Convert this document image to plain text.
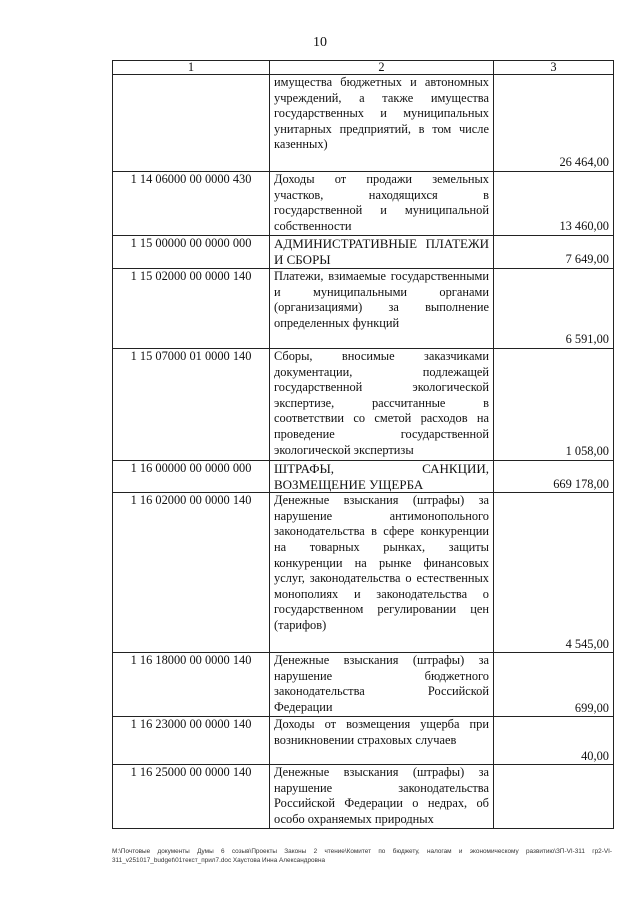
10
1	2	3
	имущества бюджетных и автономных учреждений, а также имущества государственных и муниципальных унитарных предприятий, в том числе казенных)	26 464,00
1 14 06000 00 0000 430	Доходы от продажи земельных участков, находящихся в государственной и муниципальной собственности	13 460,00
1 15 00000 00 0000 000	АДМИНИСТРАТИВНЫЕ ПЛАТЕЖИ И СБОРЫ	7 649,00
1 15 02000 00 0000 140	Платежи, взимаемые государственными и муниципальными органами (организациями) за выполнение определенных функций	6 591,00
1 15 07000 01 0000 140	Сборы, вносимые заказчиками документации, подлежащей государственной экологической экспертизе, рассчитанные в соответствии со сметой расходов на проведение государственной экологической экспертизы	1 058,00
1 16 00000 00 0000 000	ШТРАФЫ, САНКЦИИ, ВОЗМЕЩЕНИЕ УЩЕРБА	669 178,00
1 16 02000 00 0000 140	Денежные взыскания (штрафы) за нарушение антимонопольного законодательства в сфере конкуренции на товарных рынках, защиты конкуренции на рынке финансовых услуг, законодательства о естественных монополиях и законодательства о государственном регулировании цен (тарифов)	4 545,00
1 16 18000 00 0000 140	Денежные взыскания (штрафы) за нарушение бюджетного законодательства Российской Федерации	699,00
1 16 23000 00 0000 140	Доходы от возмещения ущерба при возникновении страховых случаев	40,00
1 16 25000 00 0000 140	Денежные взыскания (штрафы) за нарушение законодательства Российской Федерации о недрах, об особо охраняемых природных	
M:\Почтовые документы Думы 6 созыв\Проекты Законы 2 чтение\Комитет по бюджету, налогам и экономическому развитию\ЗП-VI-311 гр2-VI-311_v251017_budget\01текст_прил7.doc Хаустова Инна Александровна
